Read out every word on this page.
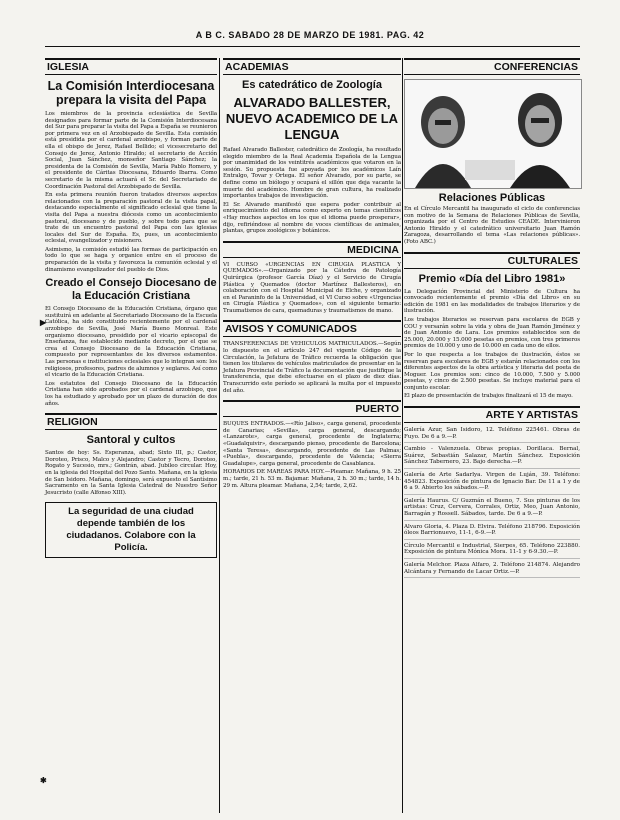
A B C. SABADO 28 DE MARZO DE 1981. PAG. 42
IGLESIA
La Comisión Interdiocesana prepara la visita del Papa

Los miembros de la provincia eclesiástica de Sevilla designados para formar parte de la Comisión Interdiocesana del Sur para preparar la visita del Papa a España se reunieron por primera vez en el Arzobispado de Sevilla. Esta comisión está presidida por el cardenal arzobispo, y forman parte de ella el obispo de Jerez, Rafael Bellido; el vicesecretario del Consejo de Jerez, Antonio Hiraldo; el secretario de Acción Social, Juan Sánchez, monseñor Santiago Sánchez; la presidenta de la Comisión de Sevilla, María Pablo Romero, y el presidente de Cáritas Diocesana, Eduardo Ibarra. Como secretario de la misma actuará el Sr. del Secretariado de Coordinación Pastoral del Arzobispado de Sevilla.

En esta primera reunión fueron tratados diversos aspectos relacionados con la preparación pastoral de la visita papal, destacando especialmente el significado eclesial que tiene la visita del Papa a nuestra diócesis como un acontecimiento pastoral, diocesano y de pueblo, y sobre todo para que se trate de un encuentro pastoral del Papa con las iglesias locales del Sur de España. Es, pues, un acontecimiento eclesial, evangelizador y misionero.

Asimismo, la comisión estudió las formas de participación en todo lo que se haga y organice entre en el proceso de preparación de la visita y favorezca la comunión eclesial y el dinamismo evangelizador del pueblo de Dios.

Creado el Consejo Diocesano de la Educación Cristiana

El Consejo Diocesano de la Educación Cristiana, órgano que sustituirá en adelante al Secretariado Diocesano de la Escuela Católica, ha sido constituido recientemente por el cardenal arzobispo de Sevilla, José María Bueno Monreal. Este organismo diocesano, presidido por el vicario episcopal de Enseñanza, fue establecido mediante decreto, por el que se crea el Consejo Diocesano de la Educación Cristiana, compuesto por representantes de los diversos estamentos. Las personas e instituciones eclesiales que lo integran son: los religiosos, profesores, padres de alumnos y seglares. Así como el vicario de la Educación Cristiana.

Los estatutos del Consejo Diocesano de la Educación Cristiana han sido aprobados por el cardenal arzobispo, que los ha estudiado y aprobado por un plazo de duración de dos años.

RELIGION
Santoral y cultos

Santos de hoy: Ss. Esperanza, abad; Sixto III, p.; Castor, Doroteo, Prisco, Malco y Alejandro; Castor y Tecro, Doroteo, Rogato y Sucesio, mrs.; Gontrán, abad. Jubileo circular. Hoy, en la iglesia del Hospital del Pozo Santo. Mañana, en la iglesia de San Isidoro. Mañana, domingo, será expuesto el Santísimo Sacramento en la Santa Iglesia Catedral de Nuestro Señor Jesucristo (calle Alfonso XIII).

La seguridad de una ciudad depende también de los ciudadanos. Colabore con la Policía.
ACADEMIAS
Es catedrático de Zoología
ALVARADO BALLESTER, NUEVO ACADEMICO DE LA LENGUA

Rafael Alvarado Ballester, catedrático de Zoología, ha resultado elegido miembro de la Real Academia Española de la Lengua por unanimidad de los veintitrés académicos que votaron en la sesión. Su propuesta fue apoyada por los académicos Laín Entralgo, Tovar y Ortega. El señor Alvarado, por su parte, se define como un biólogo y ocupará el sillón que deja vacante la muerte del académico. Hombre de gran cultura, ha realizado importantes trabajos de investigación.

El Sr. Alvarado manifestó que espera poder contribuir al enriquecimiento del idioma como experto en temas científicos «Hay muchos aspectos en los que el idioma puede prosperar», dijo, refiriéndose al nombre de voces científicas de animales, plantas, grupos zoológicos y botánicos.

MEDICINA

VI CURSO «URGENCIAS EN CIRUGIA PLASTICA Y QUEMADOS».—Organizado por la Cátedra de Patología Quirúrgica (profesor García Díaz) y el Servicio de Cirugía Plástica y Quemados (doctor Martínez Ballesteros), en colaboración con el Hospital Municipal de Elche, y organizado en el Paraninfo de la Universidad, el VI Curso sobre «Urgencias en Cirugía Plástica y Quemados», con el siguiente temario: Traumatismos de cara, quemaduras y traumatismos de mano.

AVISOS Y COMUNICADOS

TRANSFERENCIAS DE VEHICULOS MATRICULADOS.—Según lo dispuesto en el artículo 247 del vigente Código de la Circulación, la Jefatura de Tráfico recuerda la obligación que tienen los titulares de vehículos matriculados de presentar en la Jefatura Provincial de Tráfico la documentación que justifique la transferencia, que debe efectuarse en el plazo de diez días. Transcurrido este período se aplicará la multa por el impuesto del año.

PUERTO

BUQUES ENTRADOS.—«Río Jaliso», carga general, procedente de Canarias; «Sevilla», carga general, descargando; «Lanzarote», carga general, procedente de Inglaterra; «Guadalquivir», descargando pienso, procedente de Barcelona; «Santa Teresa», descargando, procedente de Las Palmas; «Puebla», descargando, procedente de Valencia; «Sierra Guadalupe», carga general, procedente de Casablanca.

HORARIOS DE MAREAS PARA HOY.—Pleamar. Mañana, 9 h. 25 m.; tarde, 21 h. 53 m. Bajamar. Mañana, 2 h. 30 m.; tarde, 14 h. 29 m. Altura pleamar. Mañana, 2,54; tarde, 2,62.

CONFERENCIAS
Relaciones Públicas

En el Círculo Mercantil ha inaugurado el ciclo de conferencias con motivo de la Semana de Relaciones Públicas de Sevilla, organizada por el Centro de Estudios CEADE. Intervinieron Antonio Hiraldo y el catedrático universitario Juan Ramón Zaragoza, desarrollando el tema «Las relaciones públicas». (Foto ABC.)

CULTURALES
Premio «Día del Libro 1981»

La Delegación Provincial del Ministerio de Cultura ha convocado recientemente el premio «Día del Libro» en su edición de 1981 en las modalidades de trabajos literarios y de ilustración.

Los trabajos literarios se reservan para escolares de EGB y COU y versarán sobre la vida y obra de Juan Ramón Jiménez y de Juan Antonio de Lara. Los premios establecidos son de 25.000, 20.000 y 15.000 pesetas en premios, con tres primeros premios de 10.000 y uno de 10.000 en cada uno de ellos.

Por lo que respecta a los trabajos de ilustración, éstos se reservan para escolares de EGB y estarán relacionados con los diferentes aspectos de la obra artística y literaria del poeta de Moguer. Los premios son: cinco de 10.000, 7.500 y 5.000 pesetas, y cinco de 2.500 pesetas. Se incluye material para el conjunto escolar.

El plazo de presentación de trabajos finalizará el 15 de mayo.

ARTE Y ARTISTAS

Galería Azur, San Isidoro, 12. Teléfono 225461. Obras de Fuyo. De 6 a 9.—P.

Cambio - Valenzuela. Obras propias. Dorillaca. Bernal, Suárez, Sebastián Salazar, Martín Sánchez. Exposición Sánchez Tabernero, 23. Bajo derecha.—P.

Galería de Arte Sadarlya. Virgen de Luján, 39. Teléfono: 454823. Exposición de pintura de Ignacio Bar. De 11 a 1 y de 6 a 9. Abierto los sábados.—P.

Galería Haurus. C/ Guzmán el Bueno, 7. Sus pinturas de los artistas: Cruz, Cervera, Corrales, Ortiz, Meo, Juan Antonio, Barragán y Rossell. Sábados, tarde. De 6 a 9.—P.

Alvaro Gloria, 4. Plaza D. Elvira. Teléfono 218796. Exposición óleos Barrionuevo, 11-1, 6-9.—P.

Círculo Mercantil e Industrial, Sierpes, 65. Teléfono 223880. Exposición de pintura Mónica Mora. 11-1 y 6-9.30.—P.

Galería Melchor. Plaza Alfaro, 2. Teléfono 214874. Alejandro Alcántara y Fernando de Lacar Ortiz.—P.

✱
▶
